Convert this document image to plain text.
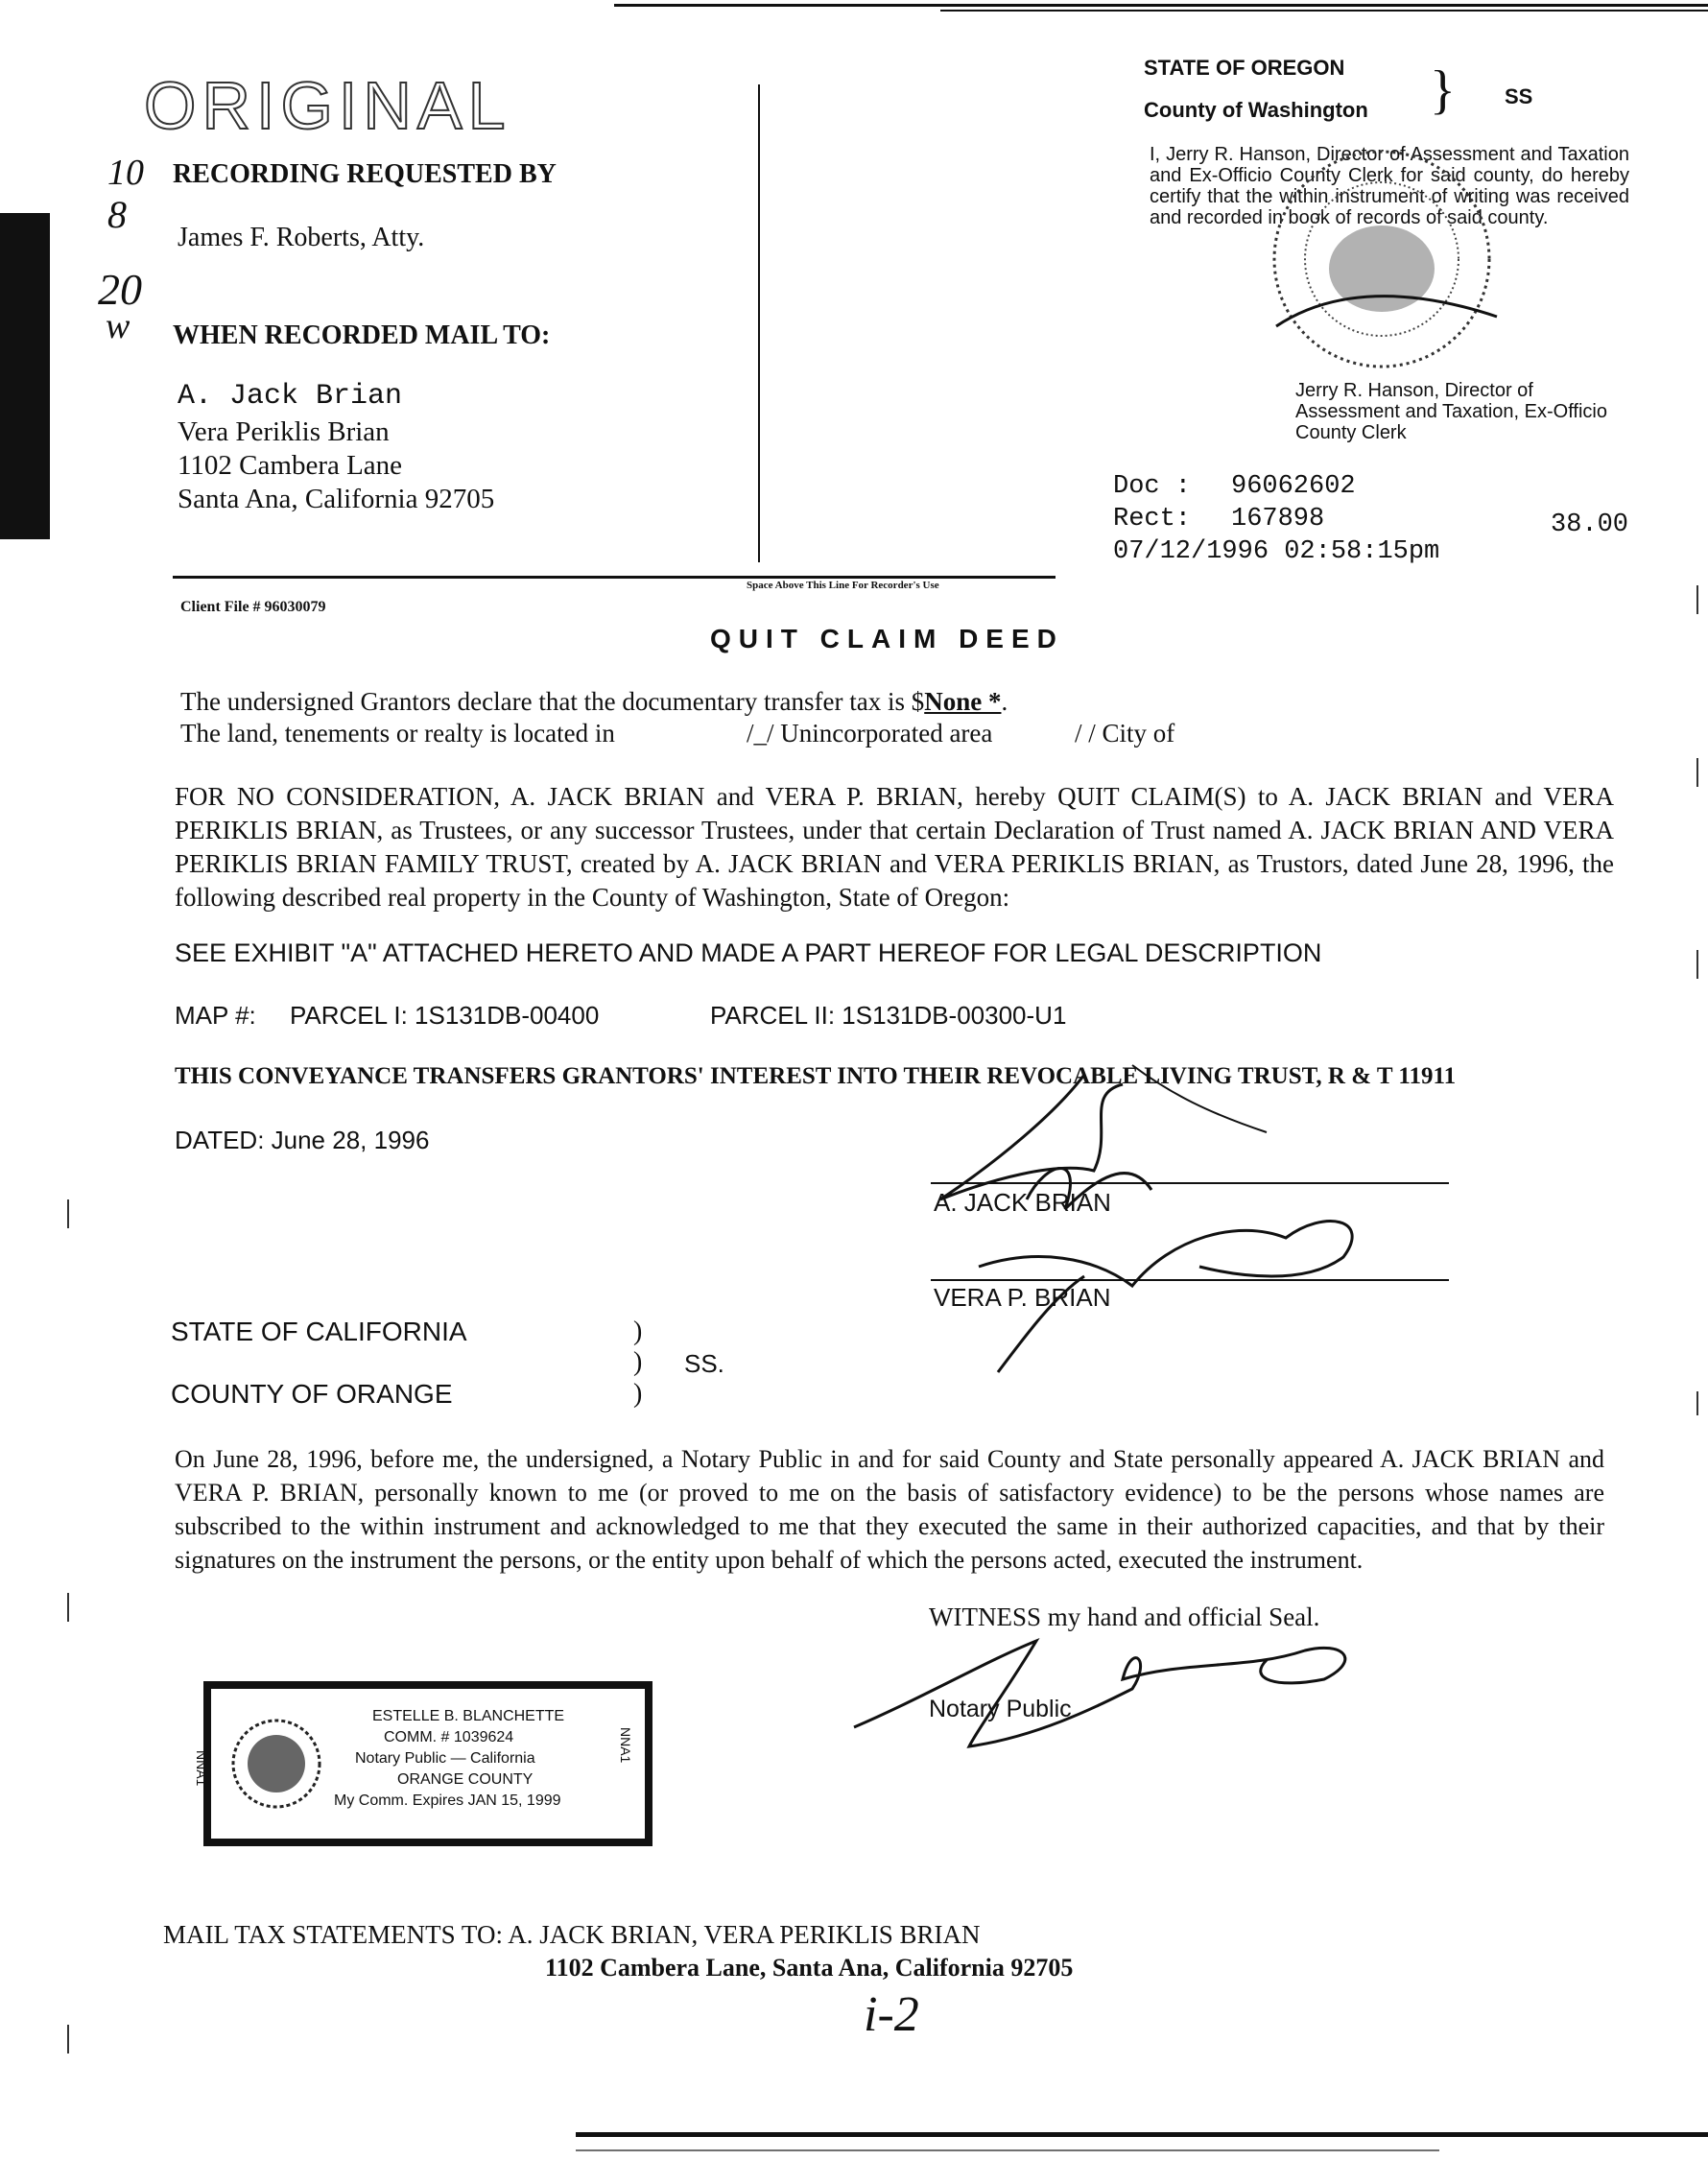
ORIGINAL
10
8
20
w
RECORDING REQUESTED BY
James F. Roberts, Atty.
WHEN RECORDED MAIL TO:
A. Jack Brian
Vera Periklis Brian
1102 Cambera Lane
Santa Ana, California 92705
Space Above This Line For Recorder's Use
Client File # 96030079
STATE OF OREGON
County of Washington } SS
I, Jerry R. Hanson, Director of Assessment and Taxation and Ex-Officio County Clerk for said county, do hereby certify that the within instrument of writing was received and recorded in book of records of said county.
Jerry R. Hanson, Director of Assessment and Taxation, Ex-Officio County Clerk
Doc : 96062602
Rect: 167898	38.00
07/12/1996 02:58:15pm
QUIT CLAIM DEED
The undersigned Grantors declare that the documentary transfer tax is $None *.
The land, tenements or realty is located in	/_/ Unincorporated area	/ / City of
FOR NO CONSIDERATION, A. JACK BRIAN and VERA P. BRIAN, hereby QUIT CLAIM(S) to A. JACK BRIAN and VERA PERIKLIS BRIAN, as Trustees, or any successor Trustees, under that certain Declaration of Trust named A. JACK BRIAN AND VERA PERIKLIS BRIAN FAMILY TRUST, created by A. JACK BRIAN and VERA PERIKLIS BRIAN, as Trustors, dated June 28, 1996, the following described real property in the County of Washington, State of Oregon:
SEE EXHIBIT "A" ATTACHED HERETO AND MADE A PART HEREOF FOR LEGAL DESCRIPTION
MAP #: PARCEL I: 1S131DB-00400	PARCEL II: 1S131DB-00300-U1
THIS CONVEYANCE TRANSFERS GRANTORS' INTEREST INTO THEIR REVOCABLE LIVING TRUST, R & T 11911
DATED: June 28, 1996
A. JACK BRIAN
VERA P. BRIAN
STATE OF CALIFORNIA
COUNTY OF ORANGE
)
)
)
SS.
On June 28, 1996, before me, the undersigned, a Notary Public in and for said County and State personally appeared A. JACK BRIAN and VERA P. BRIAN, personally known to me (or proved to me on the basis of satisfactory evidence) to be the persons whose names are subscribed to the within instrument and acknowledged to me that they executed the same in their authorized capacities, and that by their signatures on the instrument the persons, or the entity upon behalf of which the persons acted, executed the instrument.
WITNESS my hand and official Seal.
Notary Public
NNA1
NNA1
ESTELLE B. BLANCHETTE
COMM. # 1039624
Notary Public — California
ORANGE COUNTY
My Comm. Expires JAN 15, 1999
MAIL TAX STATEMENTS TO: A. JACK BRIAN, VERA PERIKLIS BRIAN
1102 Cambera Lane, Santa Ana, California 92705
i-2
